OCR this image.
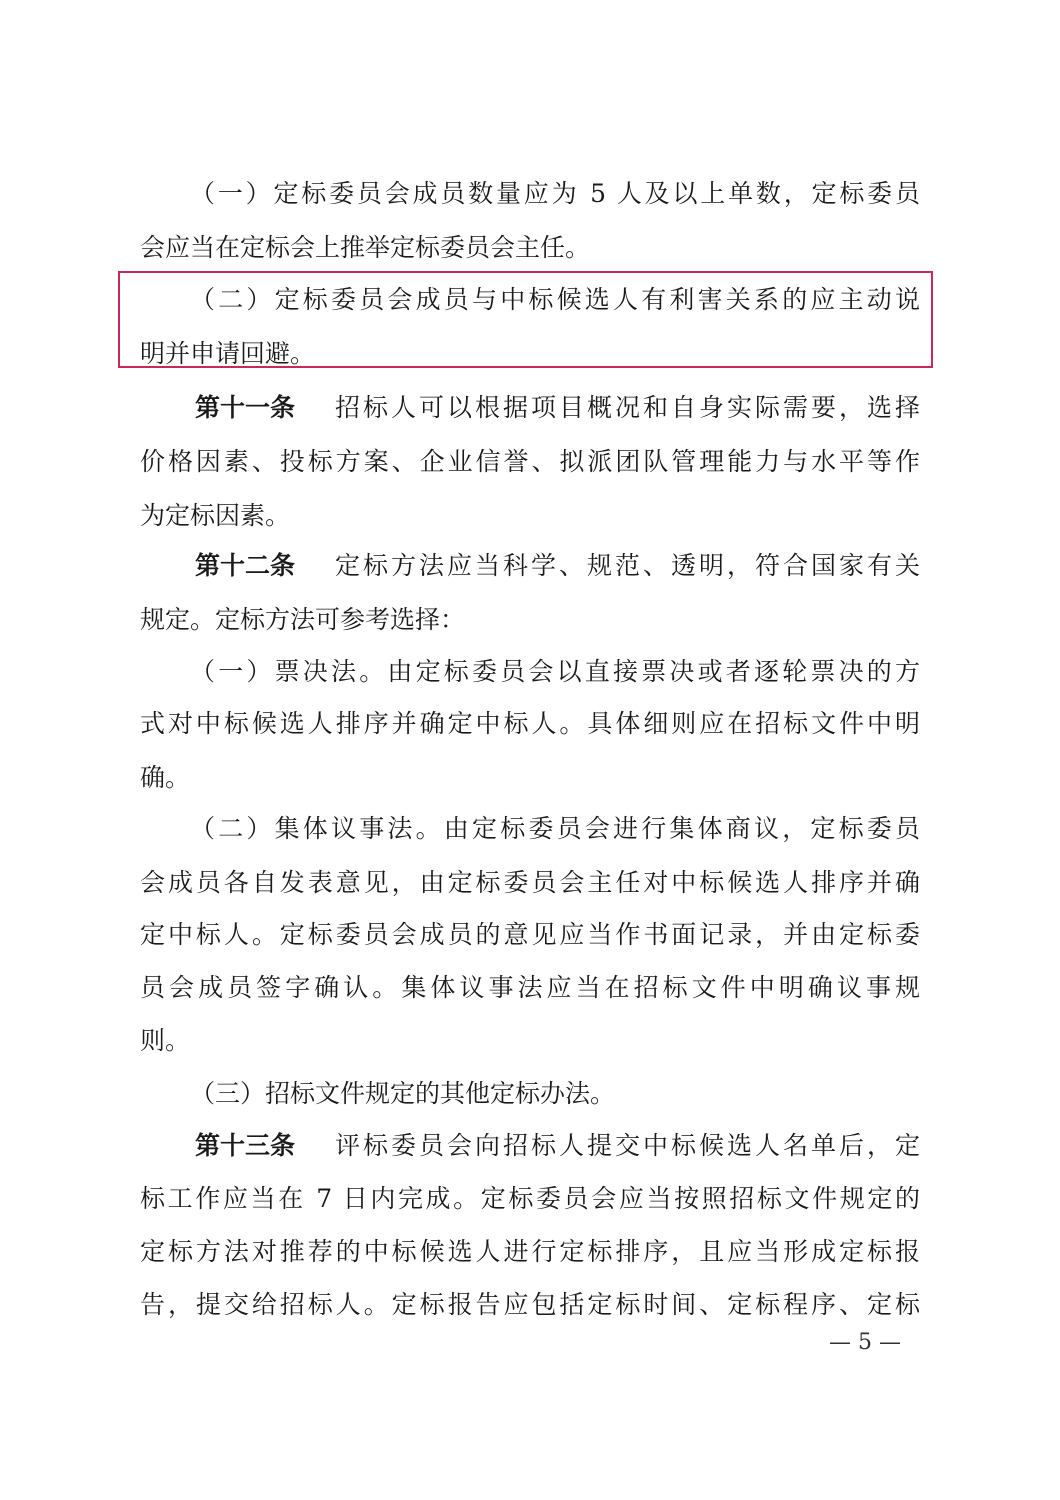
（一）定标委员会成员数量应为 5 人及以上单数，定标委员
会应当在定标会上推举定标委员会主任。
（二）定标委员会成员与中标候选人有利害关系的应主动说
明并申请回避。
第十一条	招标人可以根据项目概况和自身实际需要，选择
价格因素、投标方案、企业信誉、拟派团队管理能力与水平等作
为定标因素。
第十二条	定标方法应当科学、规范、透明，符合国家有关
规定。定标方法可参考选择：
（一）票决法。由定标委员会以直接票决或者逐轮票决的方
式对中标候选人排序并确定中标人。具体细则应在招标文件中明
确。
（二）集体议事法。由定标委员会进行集体商议，定标委员
会成员各自发表意见，由定标委员会主任对中标候选人排序并确
定中标人。定标委员会成员的意见应当作书面记录，并由定标委
员会成员签字确认。集体议事法应当在招标文件中明确议事规
则。
（三）招标文件规定的其他定标办法。
第十三条	评标委员会向招标人提交中标候选人名单后，定
标工作应当在 7 日内完成。定标委员会应当按照招标文件规定的
定标方法对推荐的中标候选人进行定标排序，且应当形成定标报
告，提交给招标人。定标报告应包括定标时间、定标程序、定标
— 5 —
